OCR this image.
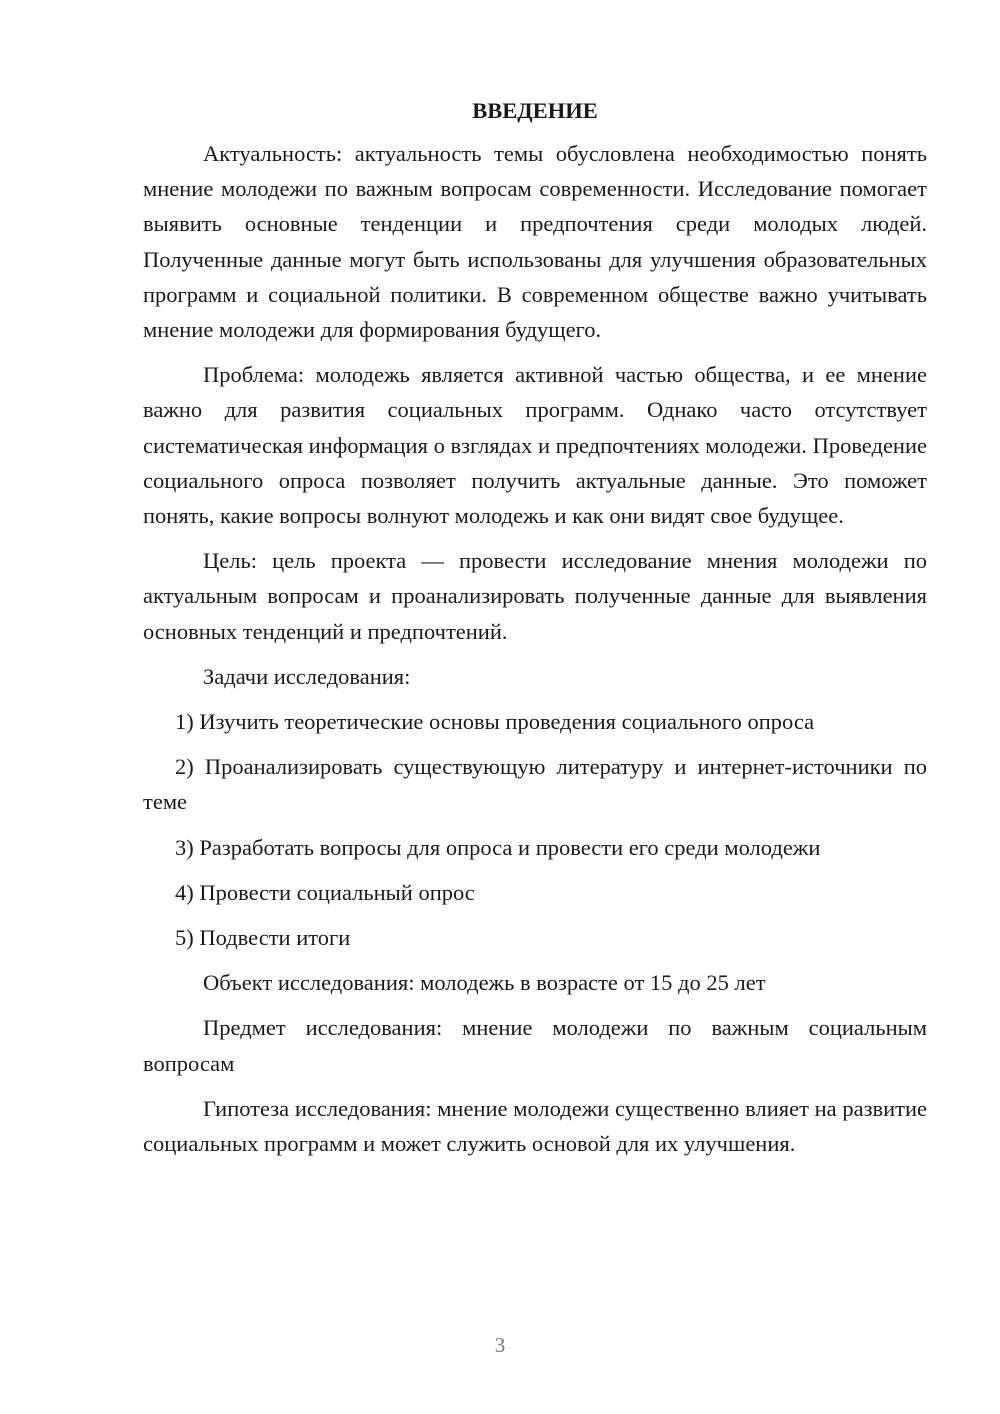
ВВЕДЕНИЕ

Актуальность: актуальность темы обусловлена необходимостью понять мнение молодежи по важным вопросам современности. Исследование помогает выявить основные тенденции и предпочтения среди молодых людей. Полученные данные могут быть использованы для улучшения образовательных программ и социальной политики. В современном обществе важно учитывать мнение молодежи для формирования будущего.

Проблема: молодежь является активной частью общества, и ее мнение важно для развития социальных программ. Однако часто отсутствует систематическая информация о взглядах и предпочтениях молодежи. Проведение социального опроса позволяет получить актуальные данные. Это поможет понять, какие вопросы волнуют молодежь и как они видят свое будущее.

Цель: цель проекта — провести исследование мнения молодежи по актуальным вопросам и проанализировать полученные данные для выявления основных тенденций и предпочтений.

Задачи исследования:

1) Изучить теоретические основы проведения социального опроса

2) Проанализировать существующую литературу и интернет-источники по теме

3) Разработать вопросы для опроса и провести его среди молодежи

4) Провести социальный опрос

5) Подвести итоги

Объект исследования: молодежь в возрасте от 15 до 25 лет

Предмет исследования: мнение молодежи по важным социальным вопросам

Гипотеза исследования: мнение молодежи существенно влияет на развитие социальных программ и может служить основой для их улучшения.

3
